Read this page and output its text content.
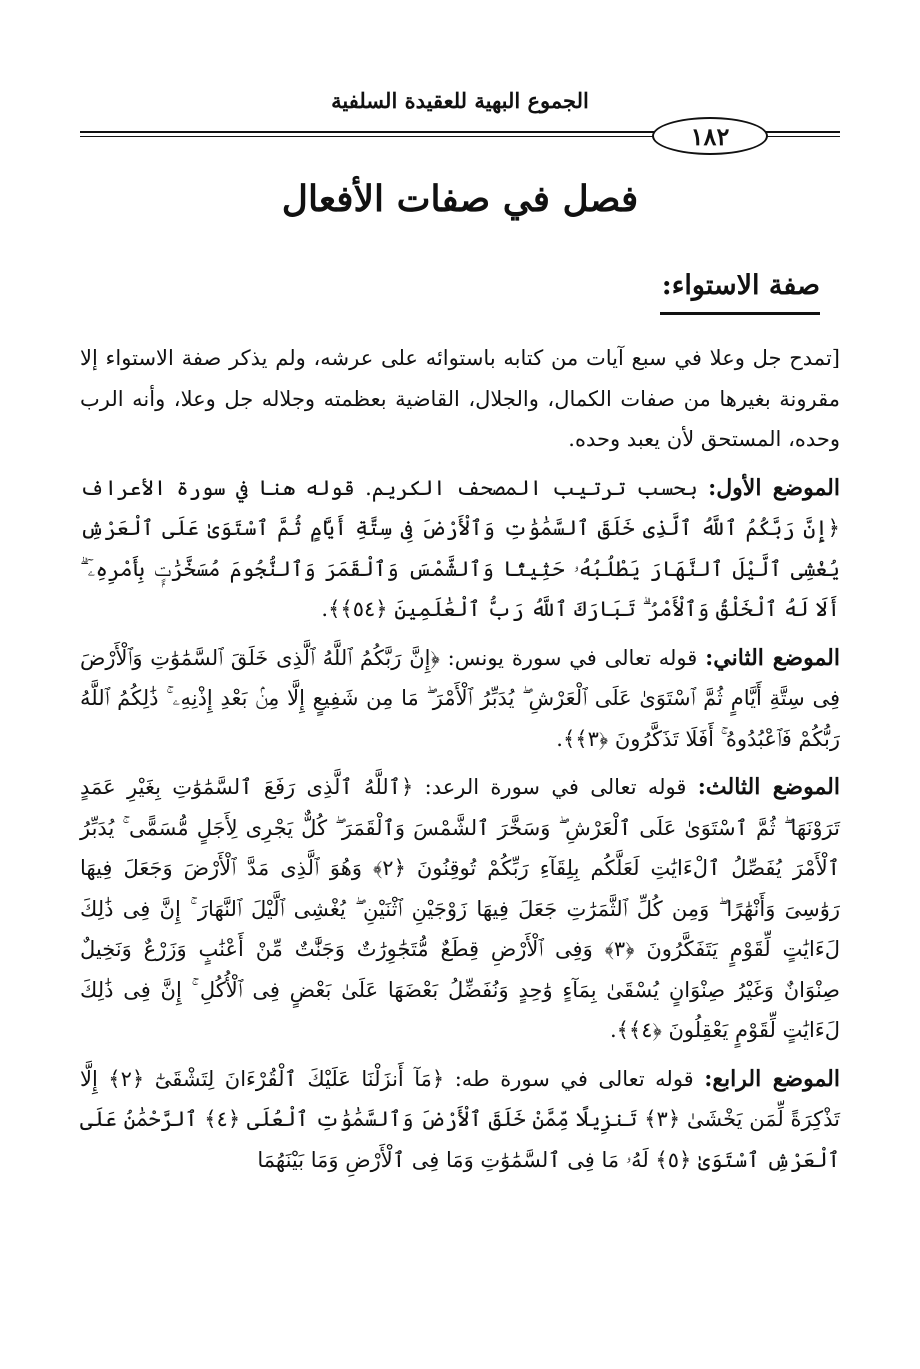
الجموع البهية للعقيدة السلفية
١٨٢
فصل في صفات الأفعال
صفة الاستواء:

[تمدح جل وعلا في سبع آيات من كتابه باستوائه على عرشه، ولم يذكر صفة الاستواء إلا مقرونة بغيرها من صفات الكمال، والجلال، القاضية بعظمته وجلاله جل وعلا، وأنه الرب وحده، المستحق لأن يعبد وحده.

الموضع الأول: بحسب ترتيب المصحف الكريم. قوله هنا في سورة الأعراف ﴿إِنَّ رَبَّكُمُ ٱللَّهُ ٱلَّذِى خَلَقَ ٱلسَّمَٰوَٰتِ وَٱلْأَرْضَ فِى سِتَّةِ أَيَّامٍ ثُمَّ ٱسْتَوَىٰ عَلَى ٱلْعَرْشِ يُغْشِى ٱلَّيْلَ ٱلنَّهَارَ يَطْلُبُهُۥ حَثِيثًا وَٱلشَّمْسَ وَٱلْقَمَرَ وَٱلنُّجُومَ مُسَخَّرَٰتٍۭ بِأَمْرِهِۦٓ ۗ أَلَا لَهُ ٱلْخَلْقُ وَٱلْأَمْرُ ۗ تَبَارَكَ ٱللَّهُ رَبُّ ٱلْعَٰلَمِينَ ﴿٥٤﴾﴾.

الموضع الثاني: قوله تعالى في سورة يونس: ﴿إِنَّ رَبَّكُمُ ٱللَّهُ ٱلَّذِى خَلَقَ ٱلسَّمَٰوَٰتِ وَٱلْأَرْضَ فِى سِتَّةِ أَيَّامٍ ثُمَّ ٱسْتَوَىٰ عَلَى ٱلْعَرْشِ ۖ يُدَبِّرُ ٱلْأَمْرَ ۖ مَا مِن شَفِيعٍ إِلَّا مِنۢ بَعْدِ إِذْنِهِۦ ۚ ذَٰلِكُمُ ٱللَّهُ رَبُّكُمْ فَٱعْبُدُوهُ ۚ أَفَلَا تَذَكَّرُونَ ﴿٣﴾﴾.

الموضع الثالث: قوله تعالى في سورة الرعد: ﴿ٱللَّهُ ٱلَّذِى رَفَعَ ٱلسَّمَٰوَٰتِ بِغَيْرِ عَمَدٍ تَرَوْنَهَا ۖ ثُمَّ ٱسْتَوَىٰ عَلَى ٱلْعَرْشِ ۖ وَسَخَّرَ ٱلشَّمْسَ وَٱلْقَمَرَ ۖ كُلٌّ يَجْرِى لِأَجَلٍ مُّسَمًّى ۚ يُدَبِّرُ ٱلْأَمْرَ يُفَصِّلُ ٱلْءَايَٰتِ لَعَلَّكُم بِلِقَآءِ رَبِّكُمْ تُوقِنُونَ ﴿٢﴾ وَهُوَ ٱلَّذِى مَدَّ ٱلْأَرْضَ وَجَعَلَ فِيهَا رَوَٰسِىَ وَأَنْهَٰرًا ۖ وَمِن كُلِّ ٱلثَّمَرَٰتِ جَعَلَ فِيهَا زَوْجَيْنِ ٱثْنَيْنِ ۖ يُغْشِى ٱلَّيْلَ ٱلنَّهَارَ ۚ إِنَّ فِى ذَٰلِكَ لَءَايَٰتٍ لِّقَوْمٍ يَتَفَكَّرُونَ ﴿٣﴾ وَفِى ٱلْأَرْضِ قِطَعٌ مُّتَجَٰوِرَٰتٌ وَجَنَّٰتٌ مِّنْ أَعْنَٰبٍ وَزَرْعٌ وَنَخِيلٌ صِنْوَانٌ وَغَيْرُ صِنْوَانٍ يُسْقَىٰ بِمَآءٍ وَٰحِدٍ وَنُفَضِّلُ بَعْضَهَا عَلَىٰ بَعْضٍ فِى ٱلْأُكُلِ ۚ إِنَّ فِى ذَٰلِكَ لَءَايَٰتٍ لِّقَوْمٍ يَعْقِلُونَ ﴿٤﴾﴾.

الموضع الرابع: قوله تعالى في سورة طه: ﴿مَآ أَنزَلْنَا عَلَيْكَ ٱلْقُرْءَانَ لِتَشْقَىٰٓ ﴿٢﴾ إِلَّا تَذْكِرَةً لِّمَن يَخْشَىٰ ﴿٣﴾ تَنزِيلًا مِّمَّنْ خَلَقَ ٱلْأَرْضَ وَٱلسَّمَٰوَٰتِ ٱلْعُلَى ﴿٤﴾ ٱلرَّحْمَٰنُ عَلَى ٱلْعَرْشِ ٱسْتَوَىٰ ﴿٥﴾ لَهُۥ مَا فِى ٱلسَّمَٰوَٰتِ وَمَا فِى ٱلْأَرْضِ وَمَا بَيْنَهُمَا
